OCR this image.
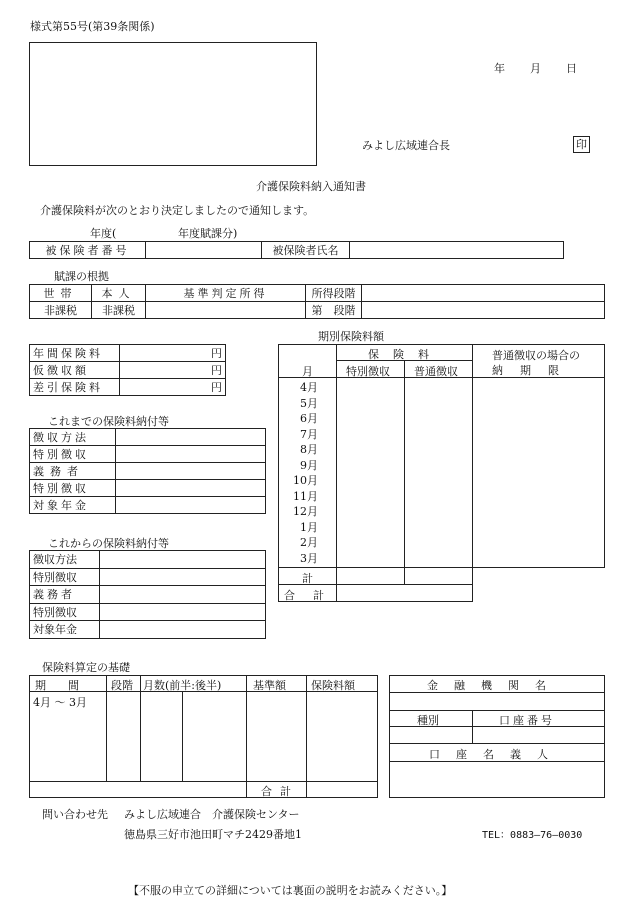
様式第55号(第39条関係)
年 月 日
みよし広域連合長	印
介護保険料納入通知書
介護保険料が次のとおり決定しましたので通知します。
年度(	年度賦課分)
被保険者番号		被保険者氏名	
賦課の根拠
世帯	本人	基準判定所得	所得段階	
非課税	非課税		第　段階	
年間保険料	円
仮徴収額	円
差引保険料	円
これまでの保険料納付等
徴収方法	
特別徴収	
義務者	
特別徴収	
対象年金	
これからの保険料納付等
徴収方法	
特別徴収	
義務者	
特別徴収	
対象年金	
期別保険料額
保険料
月	特別徴収 普通徴収
普通徴収の場合の
納期限
4月
5月
6月
7月
8月
9月
10月
11月
12月
1月
2月
3月
計
合計
保険料算定の基礎
期間 段階 月数(前半:後半)	基準額 保険料額
4月 ～ 3月
合計
金融機関名
種別	口座番号
口座名義人
問い合わせ先 みよし広域連合　介護保険センター
徳島県三好市池田町マチ2429番地1	TEL：0883―76―0030
【不服の申立ての詳細については裏面の説明をお読みください。】
